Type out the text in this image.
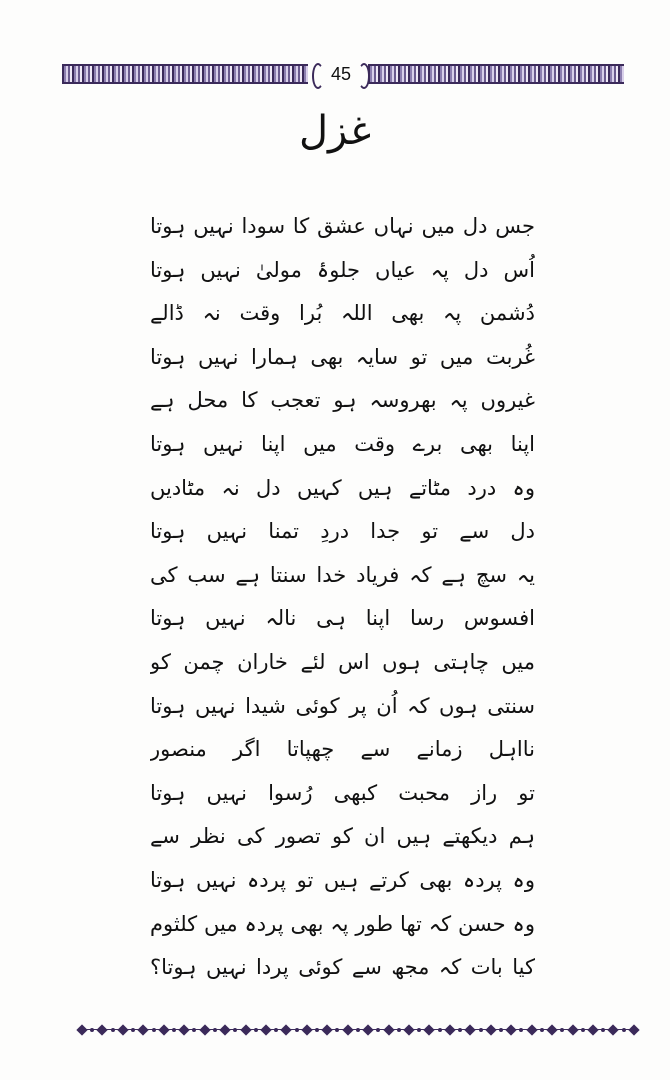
45
غزل
جس دل میں نہاں عشق کا سودا نہیں ہوتا
اُس دل پہ عیاں جلوۂ مولیٰ نہیں ہوتا
دُشمن پہ بھی اللہ بُرا وقت نہ ڈالے
غُربت میں تو سایہ بھی ہمارا نہیں ہوتا
غیروں پہ بھروسہ ہو تعجب کا محل ہے
اپنا بھی برے وقت میں اپنا نہیں ہوتا
وہ درد مٹاتے ہیں کہیں دل نہ مٹادیں
دل سے تو جدا دردِ تمنا نہیں ہوتا
یہ سچ ہے کہ فریاد خدا سنتا ہے سب کی
افسوس رسا اپنا ہی نالہ نہیں ہوتا
میں چاہتی ہوں اس لئے خاران چمن کو
سنتی ہوں کہ اُن پر کوئی شیدا نہیں ہوتا
نااہل زمانے سے چھپاتا اگر منصور
تو راز محبت کبھی رُسوا نہیں ہوتا
ہم دیکھتے ہیں ان کو تصور کی نظر سے
وہ پردہ بھی کرتے ہیں تو پردہ نہیں ہوتا
وہ حسن کہ تھا طور پہ بھی پردہ میں کلثوم
کیا بات کہ مجھ سے کوئی پردا نہیں ہوتا؟
